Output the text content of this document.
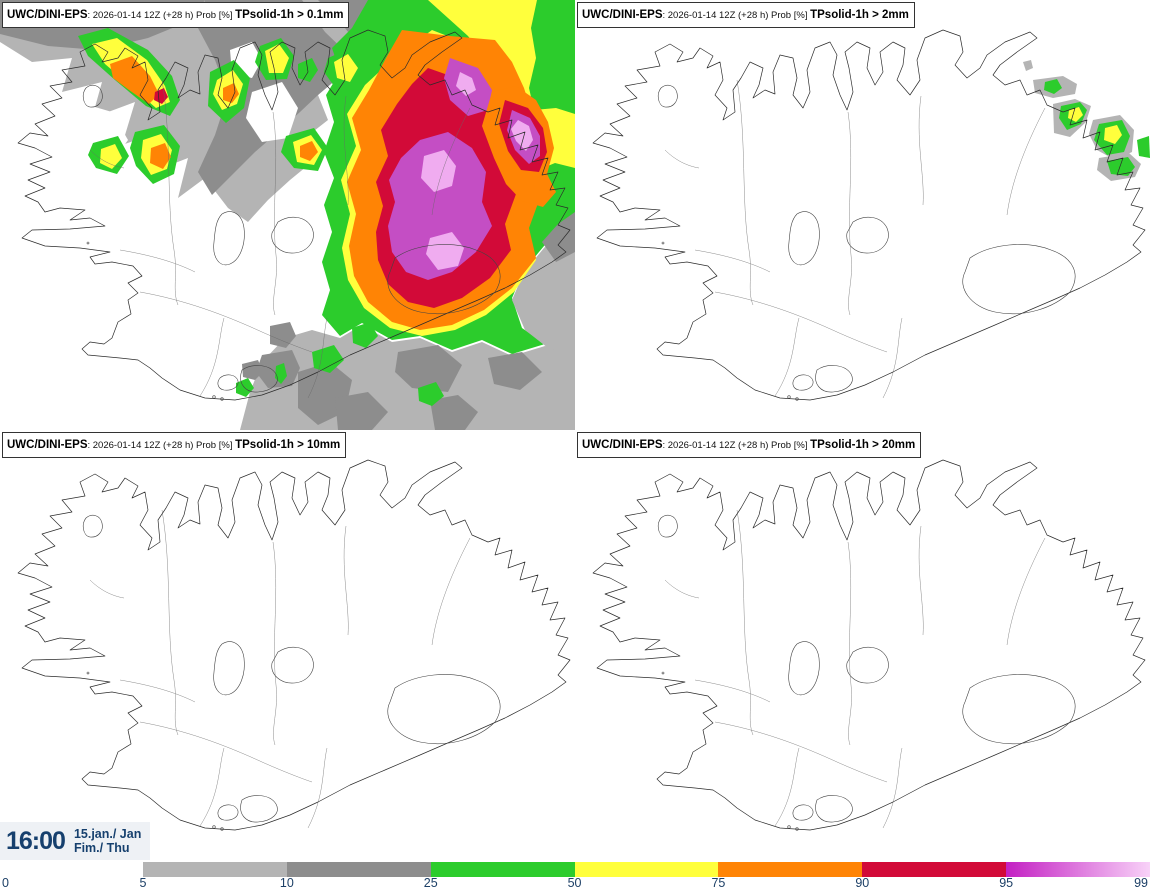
UWC/DINI-EPS: 2026-01-14 12Z (+28 h) Prob [%] TPsolid-1h > 0.1mm	UWC/DINI-EPS: 2026-01-14 12Z (+28 h) Prob [%] TPsolid-1h > 2mm
UWC/DINI-EPS: 2026-01-14 12Z (+28 h) Prob [%] TPsolid-1h > 10mm	UWC/DINI-EPS: 2026-01-14 12Z (+28 h) Prob [%] TPsolid-1h > 20mm
16:00 15.jan./ Jan
Fim./ Thu
0	5	10	25	50	75	90	95	99
